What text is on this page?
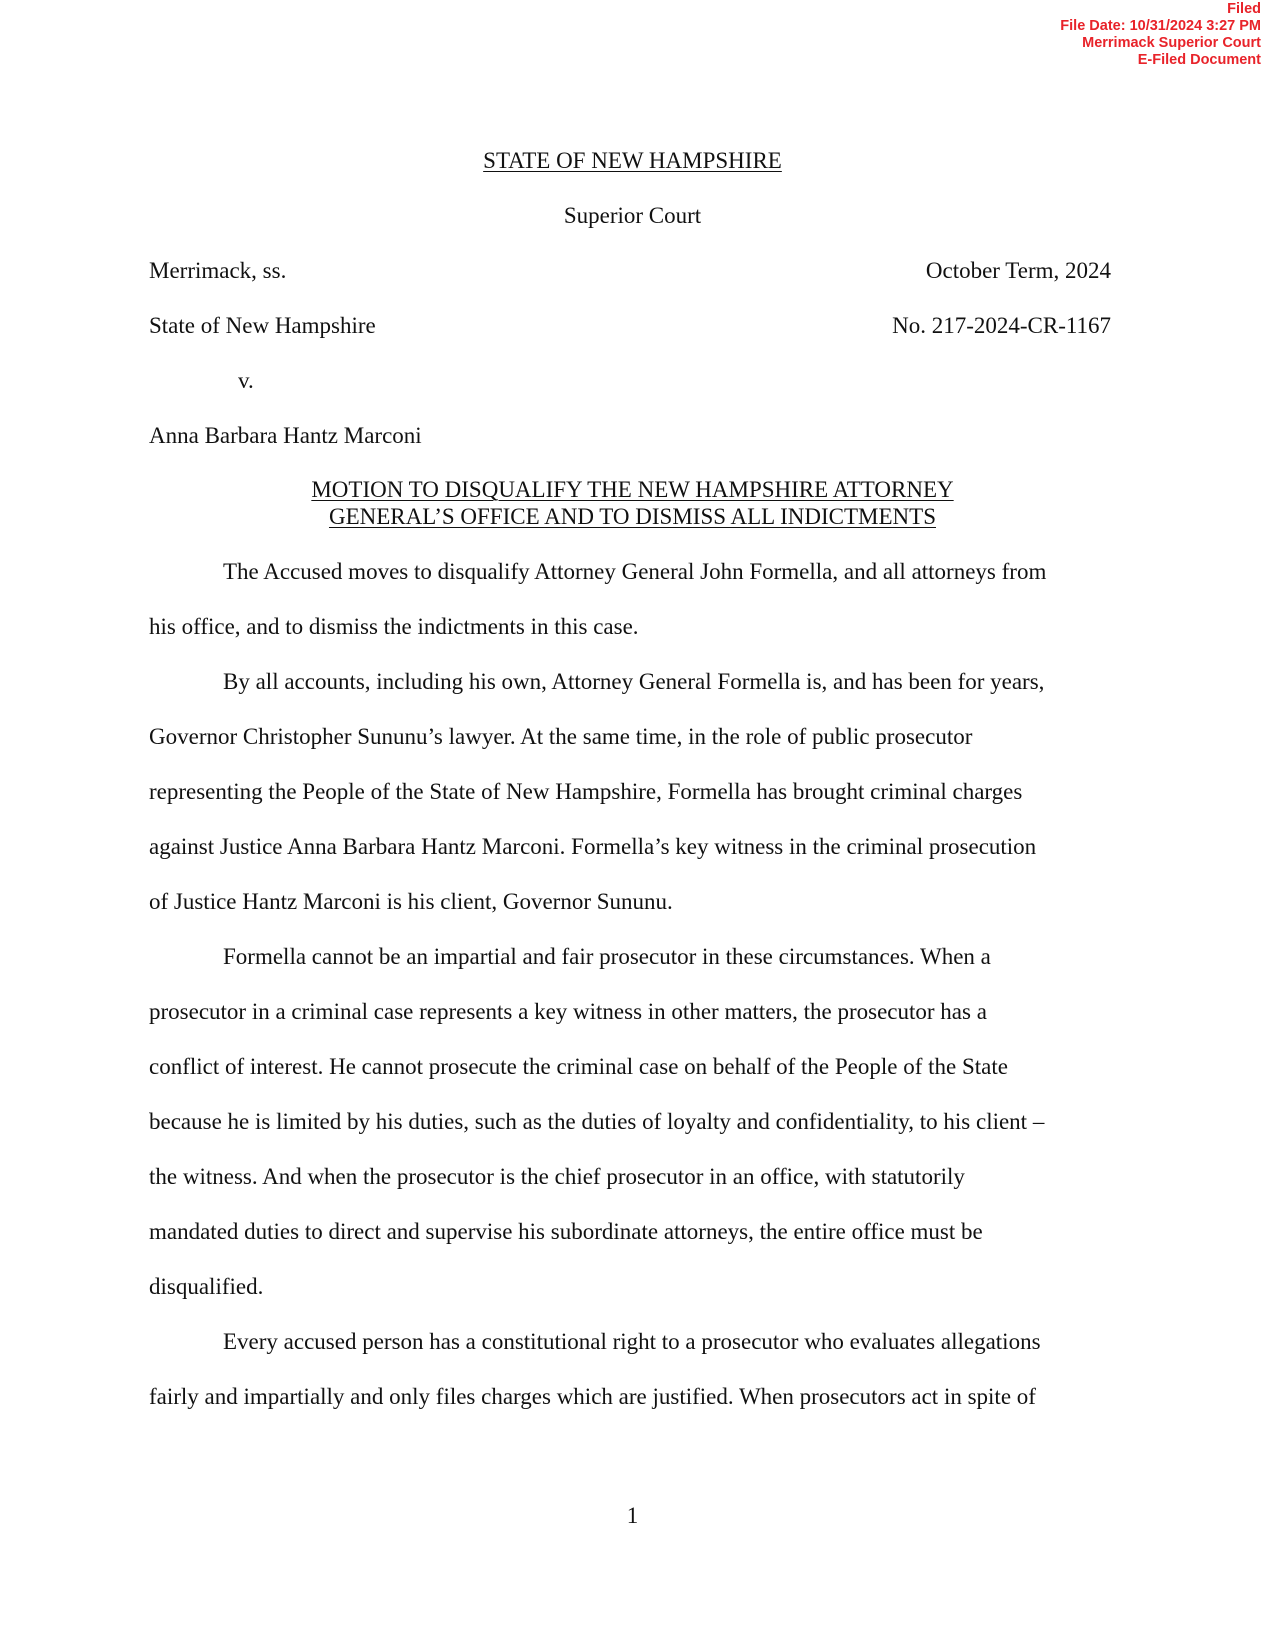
Filed
File Date: 10/31/2024 3:27 PM
Merrimack Superior Court
E-Filed Document
STATE OF NEW HAMPSHIRE
Superior Court
Merrimack, ss.	October Term, 2024
State of New Hampshire	No. 217-2024-CR-1167
v.
Anna Barbara Hantz Marconi
MOTION TO DISQUALIFY THE NEW HAMPSHIRE ATTORNEY
GENERAL’S OFFICE AND TO DISMISS ALL INDICTMENTS
The Accused moves to disqualify Attorney General John Formella, and all attorneys from
his office, and to dismiss the indictments in this case.
By all accounts, including his own, Attorney General Formella is, and has been for years,
Governor Christopher Sununu’s lawyer. At the same time, in the role of public prosecutor
representing the People of the State of New Hampshire, Formella has brought criminal charges
against Justice Anna Barbara Hantz Marconi. Formella’s key witness in the criminal prosecution
of Justice Hantz Marconi is his client, Governor Sununu.
Formella cannot be an impartial and fair prosecutor in these circumstances. When a
prosecutor in a criminal case represents a key witness in other matters, the prosecutor has a
conflict of interest. He cannot prosecute the criminal case on behalf of the People of the State
because he is limited by his duties, such as the duties of loyalty and confidentiality, to his client –
the witness. And when the prosecutor is the chief prosecutor in an office, with statutorily
mandated duties to direct and supervise his subordinate attorneys, the entire office must be
disqualified.
Every accused person has a constitutional right to a prosecutor who evaluates allegations
fairly and impartially and only files charges which are justified. When prosecutors act in spite of
1
